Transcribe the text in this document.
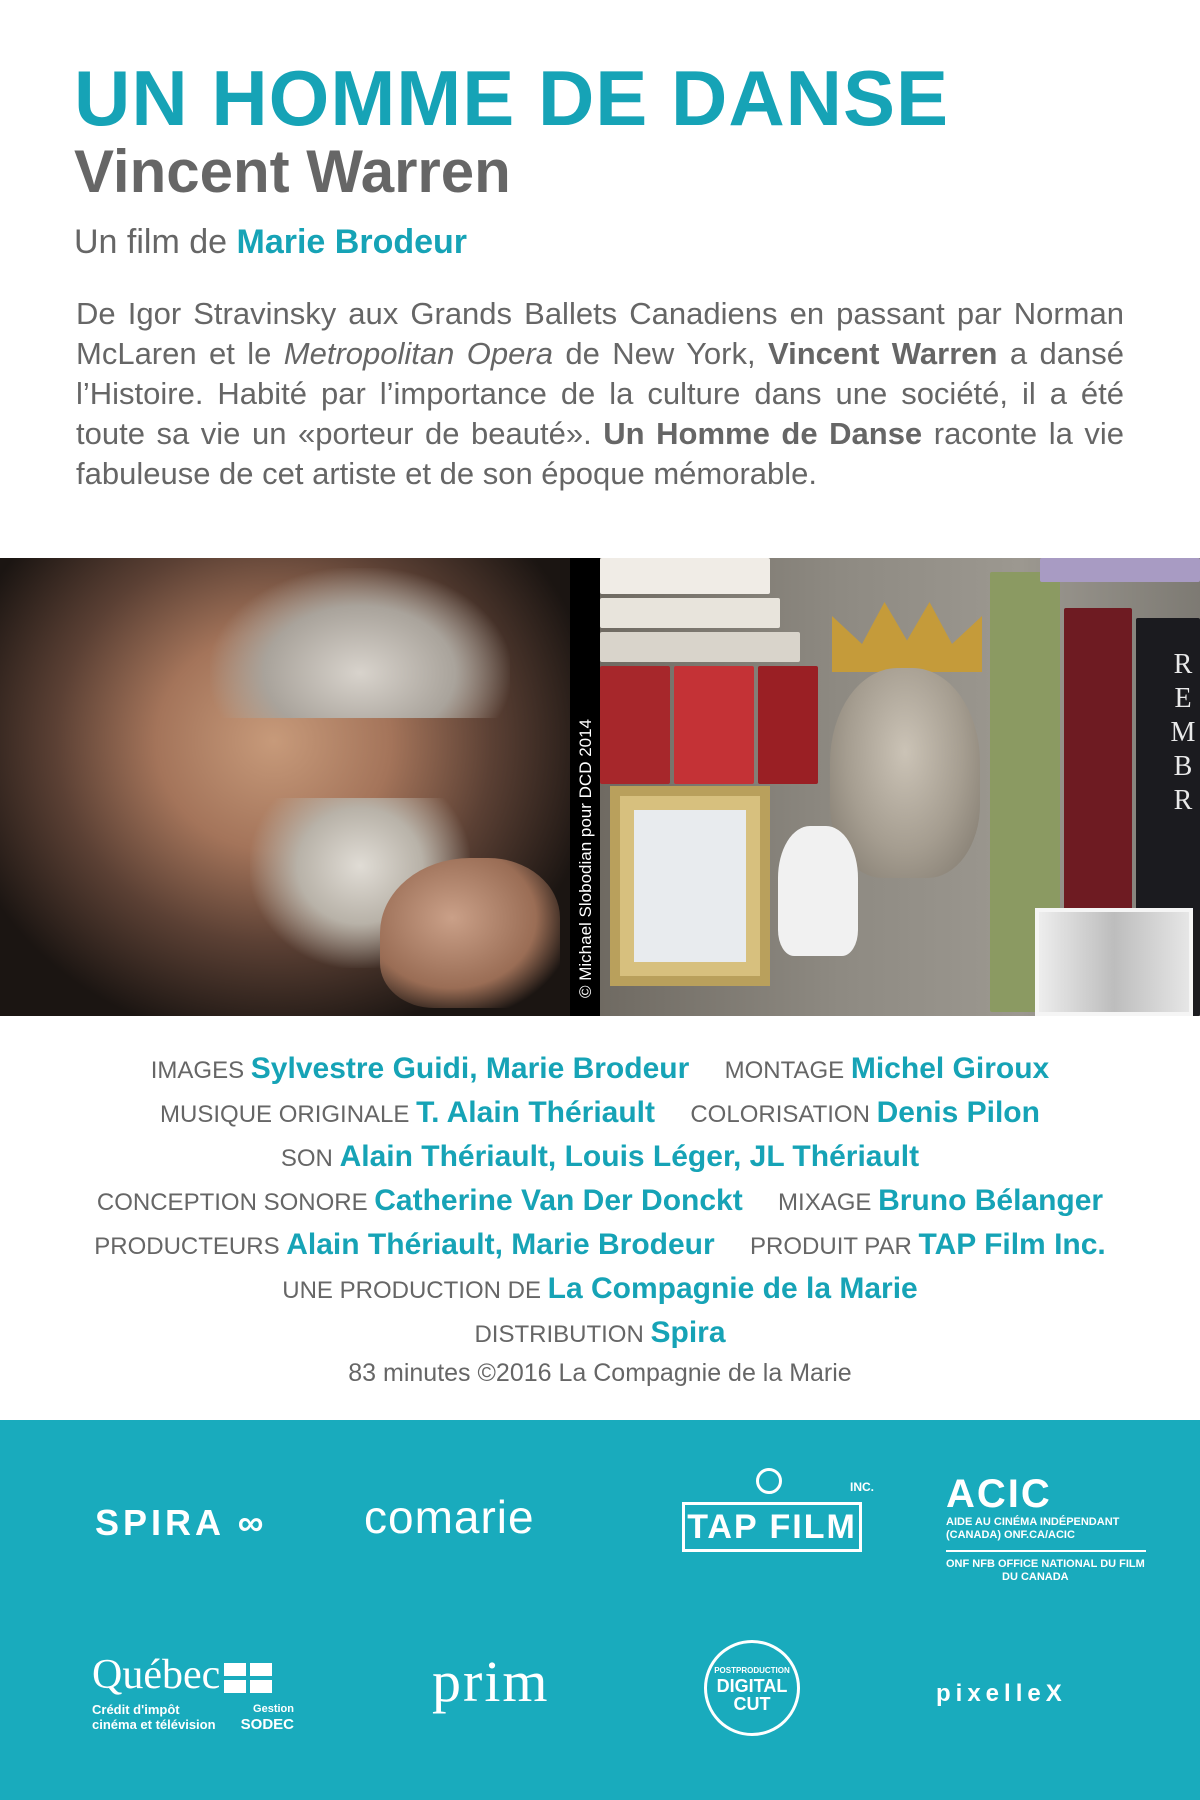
UN HOMME DE DANSE
Vincent Warren
Un film de Marie Brodeur

De Igor Stravinsky aux Grands Ballets Canadiens en passant par Norman McLaren et le Metropolitan Opera de New York, Vincent Warren a dansé l’Histoire. Habité par l’importance de la culture dans une société, il a été toute sa vie un «porteur de beauté». Un Homme de Danse raconte la vie fabuleuse de cet artiste et de son époque mémorable.

© Michael Slobodian pour DCD 2014
REMBR
IMAGES Sylvestre Guidi, Marie Brodeur MONTAGE Michel Giroux
MUSIQUE ORIGINALE T. Alain Thériault COLORISATION Denis Pilon
SON Alain Thériault, Louis Léger, JL Thériault
CONCEPTION SONORE Catherine Van Der Donckt MIXAGE Bruno Bélanger
PRODUCTEURS Alain Thériault, Marie Brodeur PRODUIT PAR TAP Film Inc.
UNE PRODUCTION DE La Compagnie de la Marie
DISTRIBUTION Spira
83 minutes ©2016 La Compagnie de la Marie
SPIRA ∞ comarie	TAP FILM
INC. ACIC
AIDE AU CINÉMA INDÉPENDANT
(CANADA) ONF.CA/ACIC
ONF NFB OFFICE NATIONAL DU FILM
DU CANADA
Québec
Crédit d'impôt
cinéma et télévision
Gestion
SODEC
prim	POSTPRODUCTION
DIGITAL
CUT	pixelleX
